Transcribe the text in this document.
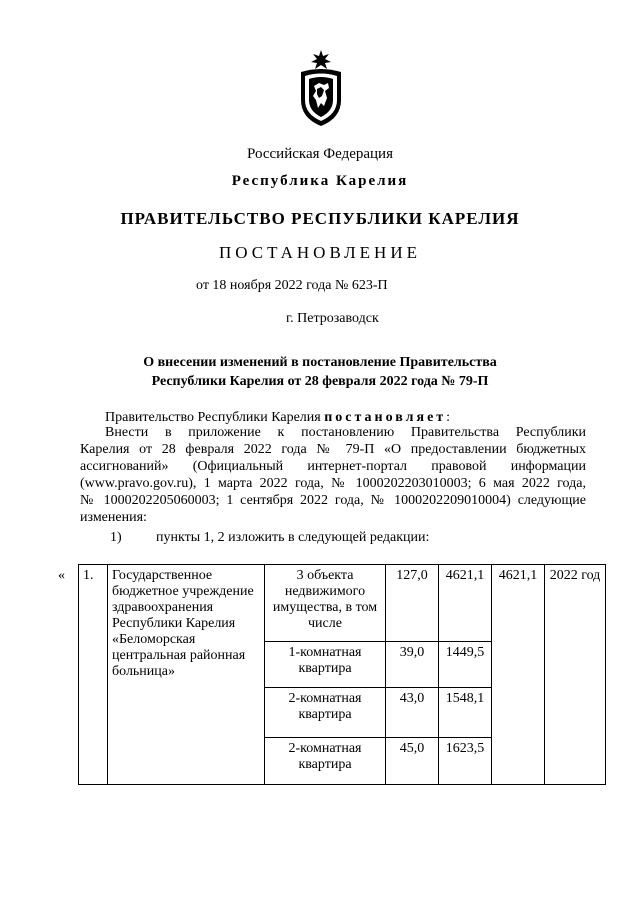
Российская Федерация
Республика Карелия
ПРАВИТЕЛЬСТВО РЕСПУБЛИКИ КАРЕЛИЯ
ПОСТАНОВЛЕНИЕ
от 18 ноября 2022 года № 623-П
г. Петрозаводск
О внесении изменений в постановление Правительства
Республики Карелия от 28 февраля 2022 года № 79-П
Правительство Республики Карелия постановляет:
Внести в приложение к постановлению Правительства Республики
Карелия от 28 февраля 2022 года № 79-П «О предоставлении бюджетных
ассигнований» (Официальный интернет-портал правовой информации
(www.pravo.gov.ru), 1 марта 2022 года, № 1000202203010003; 6 мая 2022 года,
№ 1000202205060003; 1 сентября 2022 года, № 1000202209010004) следующие
изменения:
1) пункты 1, 2 изложить в следующей редакции:
« 1.	Государственное бюджетное учреждение здравоохранения Республики Карелия «Беломорская центральная районная больница»	3 объекта недвижимого имущества, в том числе	127,0	4621,1	4621,1	2022 год
		1-комнатная квартира	39,0	1449,5		
		2-комнатная квартира	43,0	1548,1		
		2-комнатная квартира	45,0	1623,5		
